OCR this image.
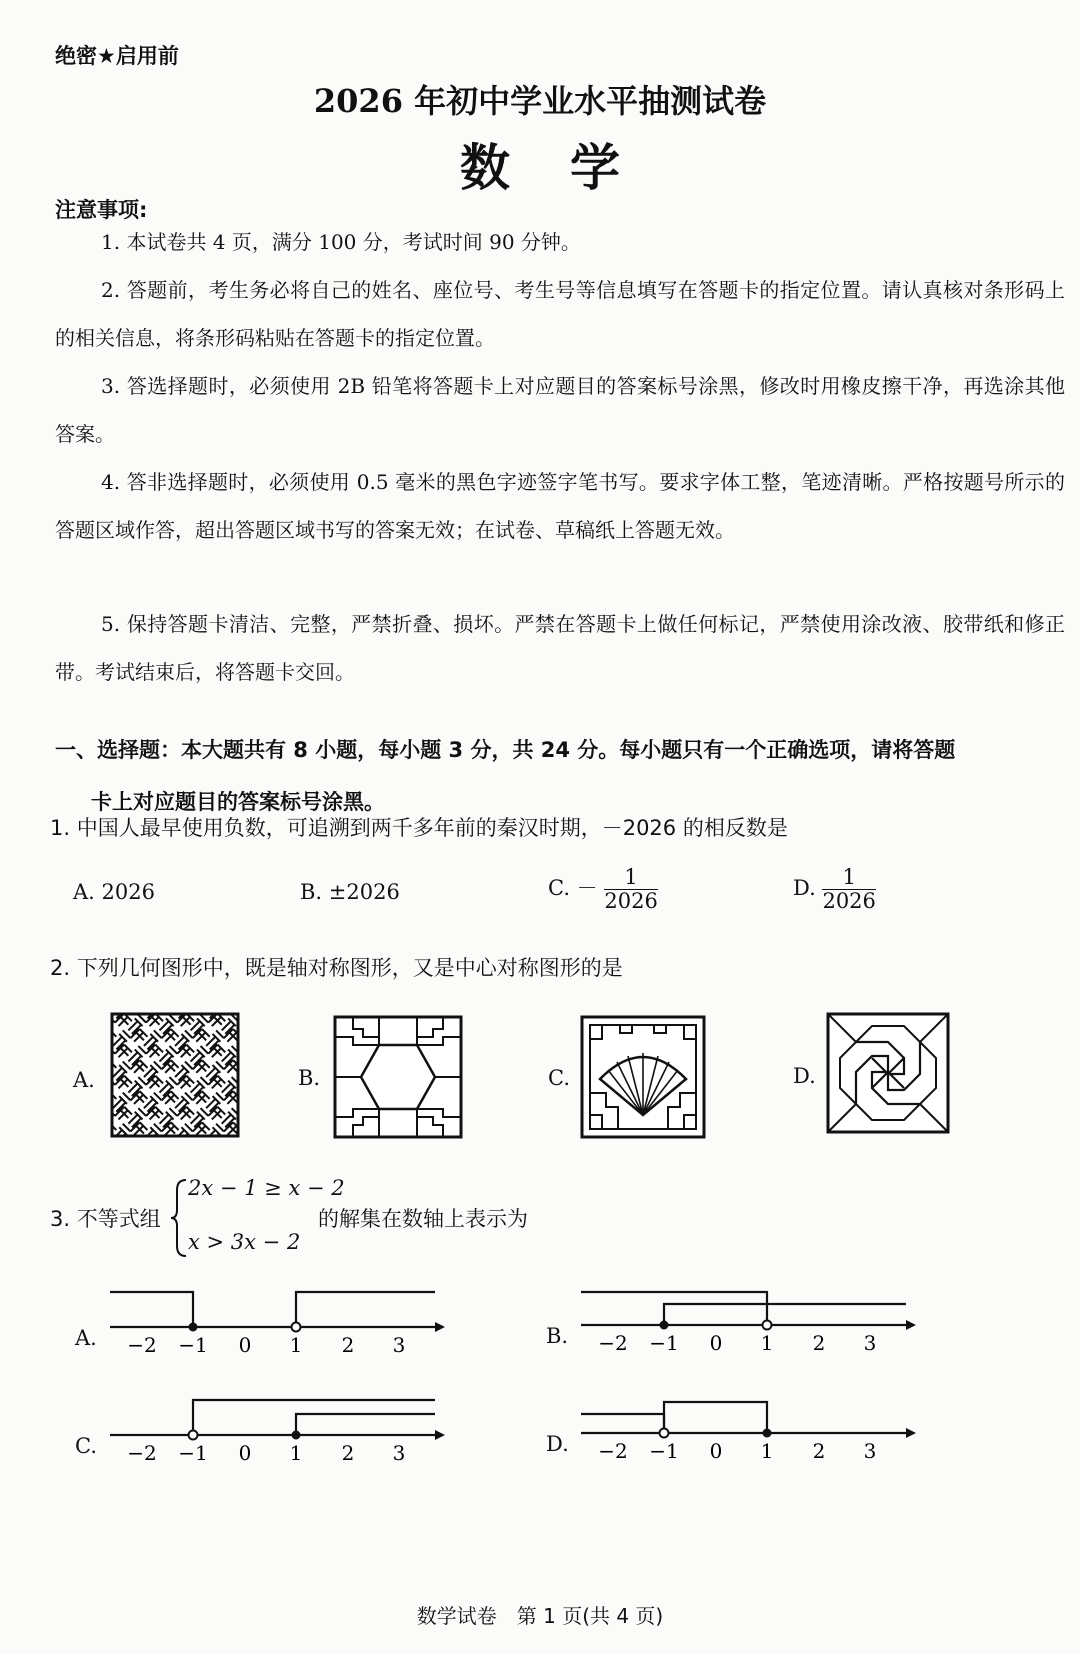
绝密★启用前
2026 年初中学业水平抽测试卷
数学
注意事项:
1. 本试卷共 4 页，满分 100 分，考试时间 90 分钟。
2. 答题前，考生务必将自己的姓名、座位号、考生号等信息填写在答题卡的指定位置。请认真核对条形码上的相关信息，将条形码粘贴在答题卡的指定位置。
3. 答选择题时，必须使用 2B 铅笔将答题卡上对应题目的答案标号涂黑，修改时用橡皮擦干净，再选涂其他答案。
4. 答非选择题时，必须使用 0.5 毫米的黑色字迹签字笔书写。要求字体工整，笔迹清晰。严格按题号所示的答题区域作答，超出答题区域书写的答案无效；在试卷、草稿纸上答题无效。
5. 保持答题卡清洁、完整，严禁折叠、损坏。严禁在答题卡上做任何标记，严禁使用涂改液、胶带纸和修正带。考试结束后，将答题卡交回。
一、选择题：本大题共有 8 小题，每小题 3 分，共 24 分。每小题只有一个正确选项，请将答题
卡上对应题目的答案标号涂黑。
1. 中国人最早使用负数，可追溯到两千多年前的秦汉时期，－2026 的相反数是
A. 2026	B. ±2026	C. － $\frac{1}{2026}$	D. $\frac{1}{2026}$
2. 下列几何图形中，既是轴对称图形，又是中心对称图形的是
A.	B.	C.	D.
3. 不等式组
2x − 1 ≥ x − 2
x > 3x − 2
的解集在数轴上表示为
A.	B.
C.	D.
−2 −1 0 1 2 3	−2 −1 0 1 2 3
−2 −1 0 1 2 3	−2 −1 0 1 2 3
数学试卷　第 1 页(共 4 页)
